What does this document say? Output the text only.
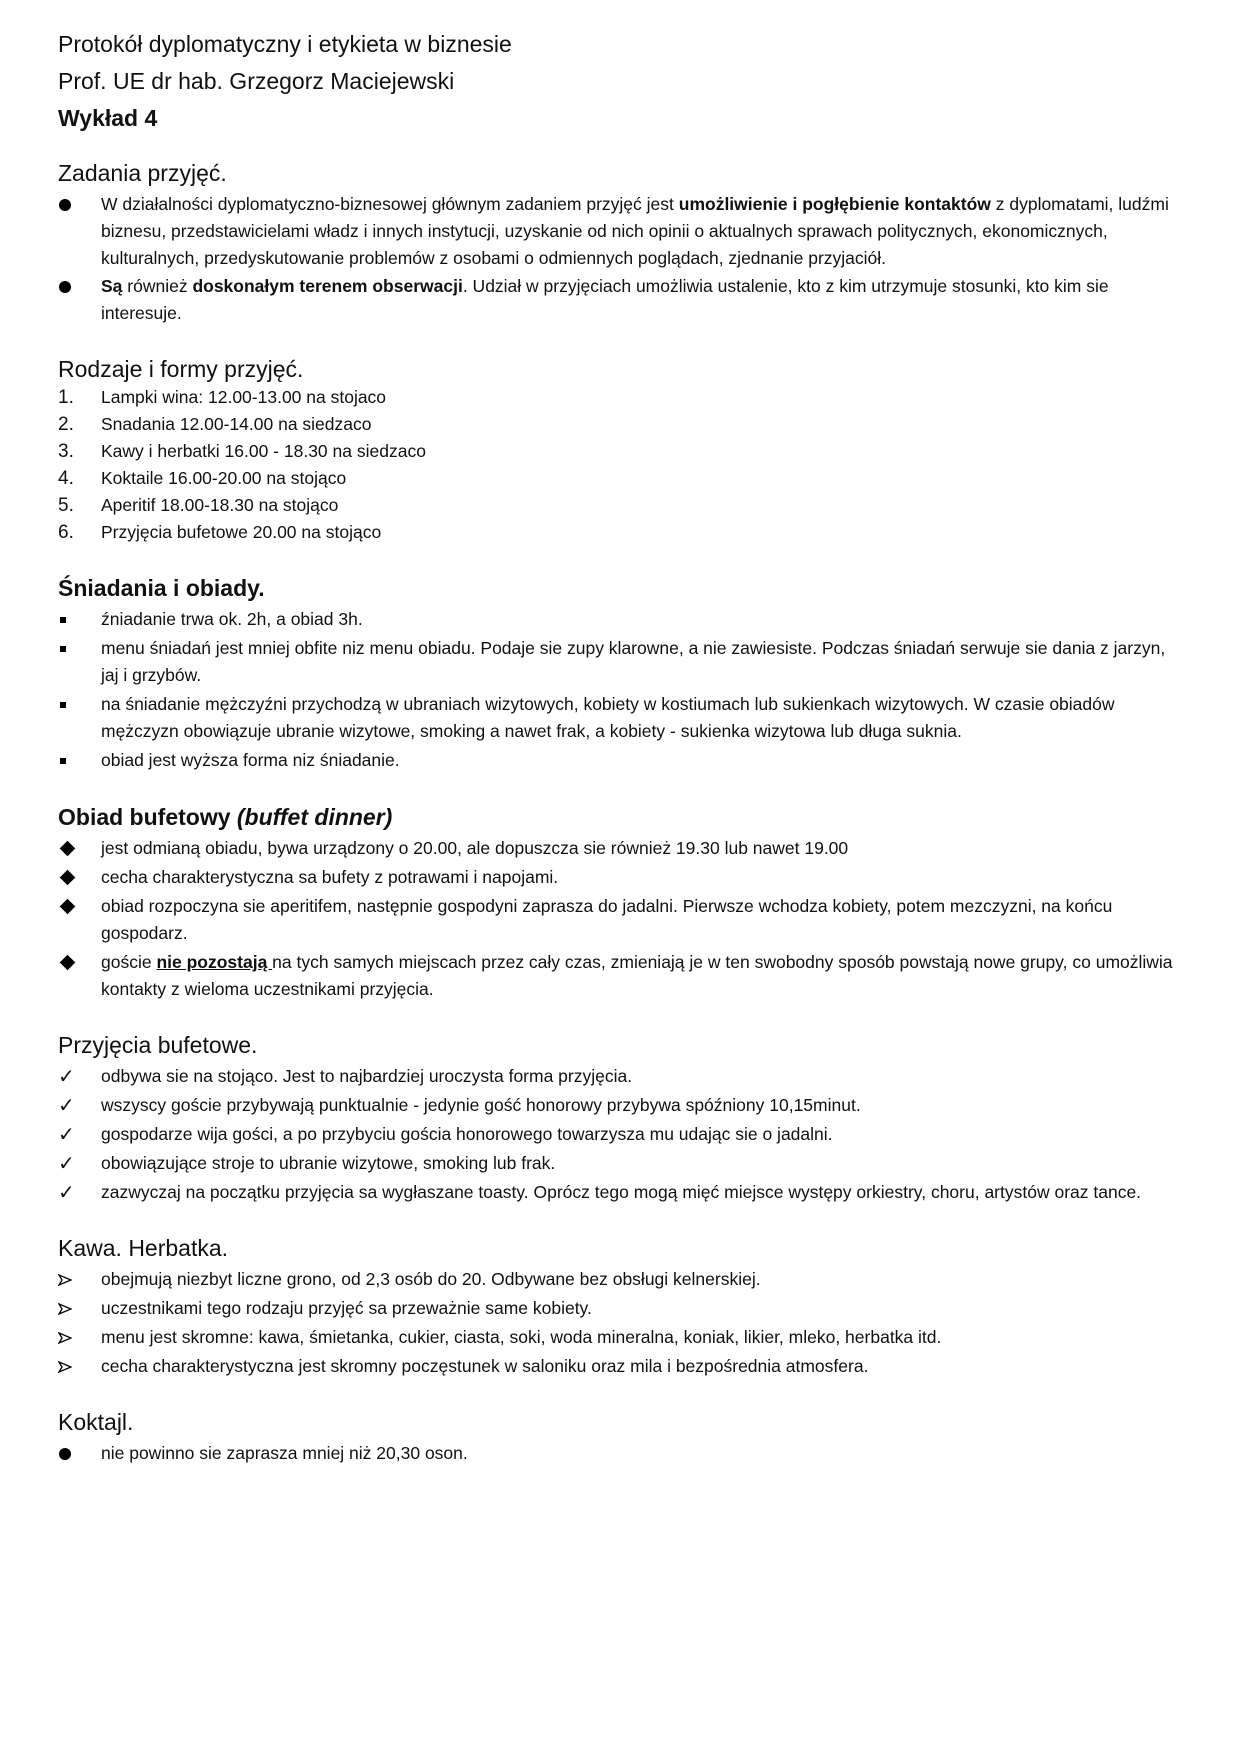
Protokół dyplomatyczny i etykieta w biznesie

Prof. UE dr hab. Grzegorz Maciejewski

Wykład 4

Zadania przyjęć.
W działalności dyplomatyczno-biznesowej głównym zadaniem przyjęć jest umożliwienie i pogłębienie kontaktów z dyplomatami, ludźmi biznesu, przedstawicielami władz i innych instytucji, uzyskanie od nich opinii o aktualnych sprawach politycznych, ekonomicznych, kulturalnych, przedyskutowanie problemów z osobami o odmiennych poglądach, zjednanie przyjaciół.
Są również doskonałym terenem obserwacji. Udział w przyjęciach umożliwia ustalenie, kto z kim utrzymuje stosunki, kto kim sie interesuje.
Rodzaje i formy przyjęć.
1.	Lampki wina: 12.00-13.00 na stojaco
2.	Snadania 12.00-14.00 na siedzaco
3.	Kawy i herbatki 16.00 - 18.30 na siedzaco
4.	Koktaile 16.00-20.00 na stojąco
5.	Aperitif 18.00-18.30 na stojąco
6.	Przyjęcia bufetowe 20.00 na stojąco
Śniadania i obiady.
źniadanie trwa ok. 2h, a obiad 3h.
menu śniadań jest mniej obfite niz menu obiadu. Podaje sie zupy klarowne, a nie zawiesiste. Podczas śniadań serwuje sie dania z jarzyn, jaj i grzybów.
na śniadanie mężczyźni przychodzą w ubraniach wizytowych, kobiety w kostiumach lub sukienkach wizytowych. W czasie obiadów mężczyzn obowiązuje ubranie wizytowe, smoking a nawet frak, a kobiety - sukienka wizytowa lub długa suknia.
obiad jest wyższa forma niz śniadanie.
Obiad bufetowy (buffet dinner)
jest odmianą obiadu, bywa urządzony o 20.00, ale dopuszcza sie również 19.30 lub nawet 19.00
cecha charakterystyczna sa bufety z potrawami i napojami.
obiad rozpoczyna sie aperitifem, następnie gospodyni zaprasza do jadalni. Pierwsze wchodza kobiety, potem mezczyzni, na końcu gospodarz.
goście nie pozostają na tych samych miejscach przez cały czas, zmieniają je w ten swobodny sposób powstają nowe grupy, co umożliwia kontakty z wieloma uczestnikami przyjęcia.
Przyjęcia bufetowe.
✓	odbywa sie na stojąco. Jest to najbardziej uroczysta forma przyjęcia.
✓	wszyscy goście przybywają punktualnie - jedynie gość honorowy przybywa spóźniony 10,15minut.
✓	gospodarze wija gości, a po przybyciu gościa honorowego towarzysza mu udając sie o jadalni.
✓	obowiązujące stroje to ubranie wizytowe, smoking lub frak.
✓	zazwyczaj na początku przyjęcia sa wygłaszane toasty. Oprócz tego mogą mięć miejsce występy orkiestry, choru, artystów oraz tance.
Kawa. Herbatka.
obejmują niezbyt liczne grono, od 2,3 osób do 20. Odbywane bez obsługi kelnerskiej.
uczestnikami tego rodzaju przyjęć sa przeważnie same kobiety.
menu jest skromne: kawa, śmietanka, cukier, ciasta, soki, woda mineralna, koniak, likier, mleko, herbatka itd.
cecha charakterystyczna jest skromny poczęstunek w saloniku oraz mila i bezpośrednia atmosfera.
Koktajl.
nie powinno sie zaprasza mniej niż 20,30 oson.
